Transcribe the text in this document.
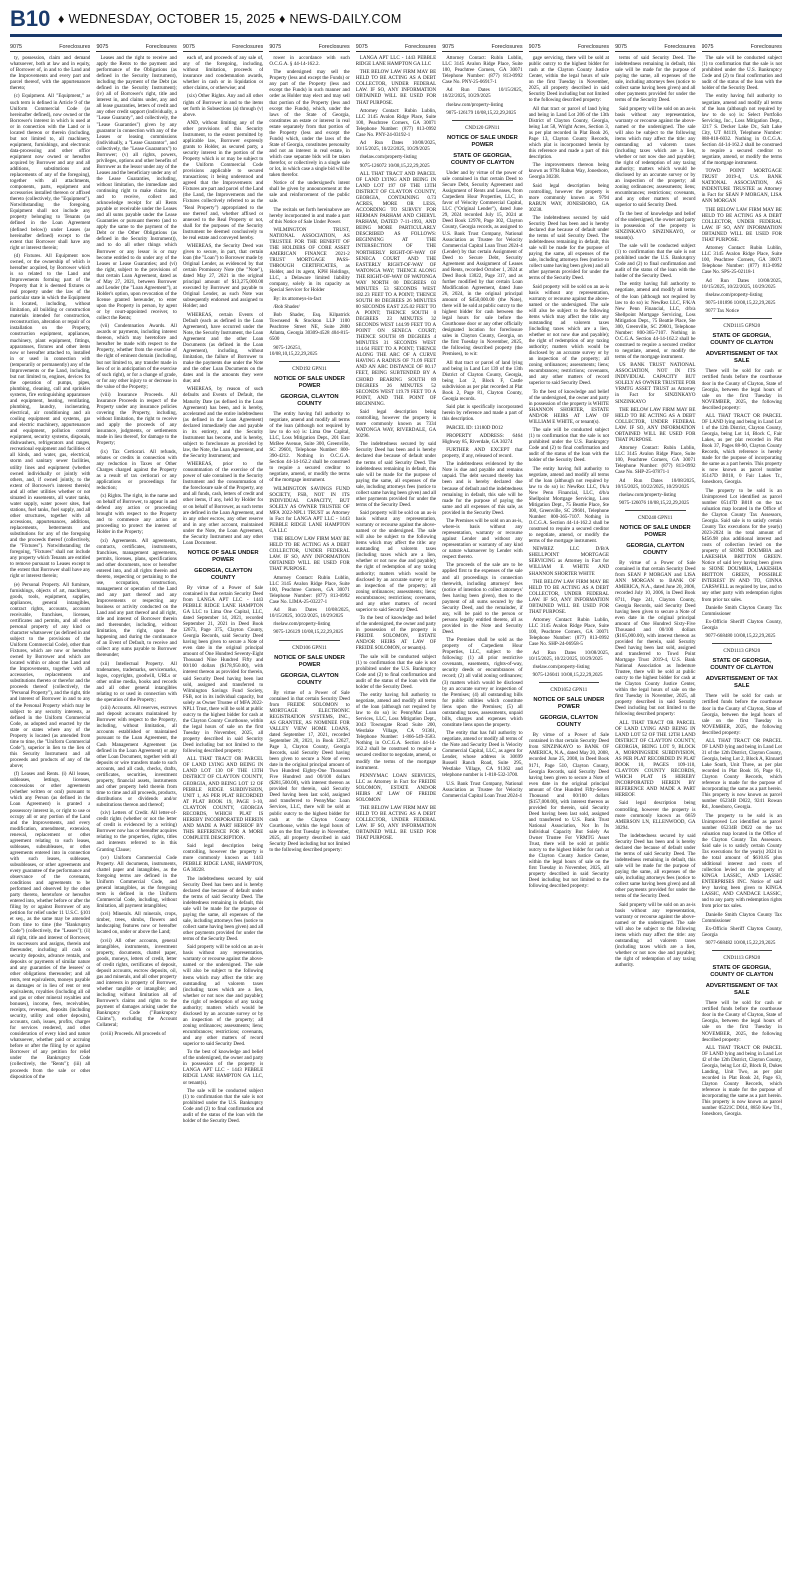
B10 ♦ WEDNESDAY, OCTOBER 15, 2025 ♦ NEWS-DAILY.COM
9075	Foreclosures

ty, possession, claim and demand whatsoever, both at law and in equity, of Borrower of, in and to the Land and the Improvements and every part and parcel thereof, with the appurtenances thereto;

(c) Equipment. All "Equipment," as such term is defined in Article 9 of the Uniform Commercial Code (as hereinafter defined), now owned or the Borrower's interest in which is used at or in connection with the Land or is located thereon or therein (including, but not limited to, all machinery, equipment, furnishings, and electronic data-processing and other office equipment now owned or hereafter acquired by Borrower and any and all additions, substitutions and replacements of any of the foregoing), together with all attachments, components, parts, equipment and accessories installed thereon or affixed thereto (collectively, the "Equipment"). Notwithstanding the foregoing, Equipment shall not include any property belonging to Tenants (as defined in the Loan Agreement (defined below)) under Leases (as hereinafter defined) except to the extent that Borrower shall have any right or interest therein;

(d) Fixtures. All Equipment now owned, or the ownership of which is hereafter acquired, by Borrower which is so related to the Land and Improvements forming part of the Property that it is deemed fixtures or real property under the law of the particular state in which the Equipment is located, including, without limitation, all building or construction materials intended for construction, reconstruction, alteration or repair of or installation on the Property, construction equipment, appliances, machinery, plant equipment, fittings, apparatuses, fixtures and other items now or hereafter attached to, installed in or used in connection with (temporarily or permanently) any of the Improvements or the Land, including, but not limited to, engines, devices for the operation of pumps, pipes, plumbing, cleaning, call and sprinkler systems, fire extinguishing apparatuses and equipment, heating, ventilating, plumbing, laundry, incinerating, electrical, air conditioning and air cooling equipment and systems, gas and electric machinery, appurtenances and equipment, pollution control equipment, security systems, disposals, dishwashers, refrigerators and ranges, recreational equipment and facilities of all kinds, and water, gas, electrical, storm and sanitary sewer facilities, utility lines and equipment (whether owned individually or jointly with others, and, if owned jointly, to the extent of Borrower's interest therein) and all other utilities whether or not situated in easements, all water tanks, water supply, water power sites, fuel stations, fuel tanks, fuel supply, and all other structures, together with all accessions, appurtenances, additions, replacements, betterments and substitutions for any of the foregoing and the proceeds thereof (collectively, the "Fixtures"). Notwithstanding the foregoing, "Fixtures" shall not include any property which Tenants are entitled to remove pursuant to Leases except to the extent that Borrower shall have any right or interest therein;

(e) Personal Property. All furniture, furnishings, objects of art, machinery, goods, tools, equipment, supplies, appliances, general intangibles, contract rights, accounts, accounts receivable, franchises, licenses, certificates and permits, and all other personal property of any kind or character whatsoever (as defined in and subject to the provisions of the Uniform Commercial Code), other than Fixtures, which are now or hereafter owned by Borrower and which are located within or about the Land and the Improvements, together with all accessories, replacements and substitutions thereto or therefor and the proceeds thereof (collectively, the "Personal Property"), and the right, title and interest of Borrower in and to any of the Personal Property which may be subject to any security interests, as defined in the Uniform Commercial Code, as adopted and enacted by the state or states where any of the Property is located (as amended from time to time, the "Uniform Commercial Code"), superior in lien to the lien of this Security Instrument and all proceeds and products of any of the above;

(f) Leases and Rents. (i) All leases, subleases, lettings, licenses, concessions or other agreements (whether written or oral) pursuant to which any Person (as defined in the Loan Agreement) is granted a possessory interest in, or right to use or occupy all or any portion of the Land and the Improvements, and every modification, amendment, extension, renewal, replacement or other agreement relating to such leases, subleases, subsubleases, or other agreements entered into in connection with such leases, subleases, subsubleases, or other agreements and every guarantee of the performance and observance of the covenants, conditions and agreements to be performed and observed by the other party thereto, heretofore or hereafter entered into, whether before or after the filing by or against Borrower of any petition for relief under 11 U.S.C. §101 et seq., as the same may be amended from time to time (the "Bankruptcy Code") (collectively, the "Leases"); (ii) all right, title and interest of Borrower, its successors and assigns, therein and thereunder, including all cash or security deposits, advance rentals, and deposits or payments of similar nature and any guaranties of the lessees' or other obligations thereunder; and all rents, rent equivalents, moneys payable as damages or in lieu of rent or rent equivalents, royalties (including all oil and gas or other mineral royalties and bonuses), income, fees, receivables, receipts, revenues, deposits (including security, utility and other deposits), accounts, cash, issues, profits, charges for services rendered, and other consideration of every kind and nature whatsoever, whether paid or accruing before or after the filing by or against Borrower of any petition for relief under the Bankruptcy Code (collectively, the "Rents"); (iii) all proceeds from the sale or other disposition of the

9075	Foreclosures

Leases and the right to receive and apply the Rents to the payment and performance of the Obligations (as defined in the Security Instrument), including the payment of the Debt (as defined in the Security Instrument); (iv) all of Borrower's right, title and interest in, and claims under, any and all lease guaranties, letters of credit and any other credit support (individually, a "Lease Guaranty", and collectively, the "Lease Guaranties") given by any guarantor in connection with any of the Leases or leasing commissions (individually, a "Lease Guarantor", and collectively, the "Lease Guarantors") to Borrower; (v) all rights, powers, privileges, options and other benefits of Borrower as the lessor under any of the Leases and the beneficiary under any of the Lease Guaranties, including, without limitation, the immediate and continuing right to make claims for, and to receive, collect and acknowledge receipt for all Rents payable or receivable under the Leases and all sums payable under the Lease Guaranties or pursuant thereto (and to apply the same to the payment of the Debt or the Other Obligations (as defined in the Security Instrument)), and to do all other things which Borrower or any lessor is or may become entitled to do under any of the Leases or Lease Guaranties; and (vi) the right, subject to the provisions of that certain Loan Agreement, dated as of May 27, 2021, between Borrower and Lender (the "Loan Agreement"), at Holder's option, upon revocation of the license granted hereunder, to enter upon the Property in person, by agent or by court-appointed receiver, to collect the Rents;

(vii) Condemnation Awards. All awards or payments, including interest thereon, which may heretofore and hereafter be made with respect to the Property, whether from the exercise of the right of eminent domain (including, but not limited to, any transfer made in lieu of or in anticipation of the exercise of such right), or for a change of grade, or for any other injury to or decrease in the value of the Property;

(viii) Insurance Proceeds. All Insurance Proceeds in respect of the Property under any insurance policies covering the Property, including, without limitation, the right to receive and apply the proceeds of any insurance, judgments, or settlements made in lieu thereof, for damage to the Property;

(ix) Tax Certiorari. All refunds, rebates or credits in connection with any reduction in Taxes or Other Charges charged against the Property as a result of tax certiorari or any applications or proceedings for reduction;

(x) Rights. The right, in the name and on behalf of Borrower, to appear in and defend any action or proceeding brought with respect to the Property and to commence any action or proceeding to protect the interest of Holder in the Property;

(xi) Agreements. All agreements, contracts, certificates, instruments, franchises, management agreements, permits, licenses, plans, specifications and other documents, now or hereafter entered into, and all rights therein and thereto, respecting or pertaining to the use, occupation, construction, management or operation of the Land and any part thereof and any Improvements or respecting any business or activity conducted on the Land and any part thereof and all right, title and interest of Borrower therein and thereunder, including, without limitation, the right, upon the happening and during the continuance of an Event of Default, to receive and collect any sums payable to Borrower thereunder;

(xii) Intellectual Property. All tradenames, trademarks, servicemarks, logos, copyrights, goodwill, URLs or other online media, books and records and all other general intangibles relating to or used in connection with the operation of the Property;

(xiii) Accounts. All reserves, escrows and deposit accounts maintained by Borrower with respect to the Property, including, without limitation, all accounts established or maintained pursuant to the Loan Agreement, the Cash Management Agreement (as defined in the Loan Agreement) or any other Loan Document, together with all deposits or wire transfers made to such accounts, and all cash, checks, drafts, certificates, securities, investment property, financial assets, instruments and other property held therein from time to time and all proceeds, products, distributions or dividends and/or substitutions thereon and thereof;

(xiv) Letters of Credit. All letter-of-credit rights (whether or not the letter of credit is evidenced by a writing) Borrower now has or hereafter acquires relating to the properties, rights, titles and interests referred to in this Granting Clause;

(xv) Uniform Commercial Code Property. All documents, instruments, chattel paper and intangibles, as the foregoing terms are defined in the Uniform Commercial Code, and general intangibles, as the foregoing term is defined in the Uniform Commercial Code, including, without limitation, all payment intangibles;

(xvi) Minerals. All minerals, crops, timber, trees, shrubs, flowers and landscaping features now or hereafter located on, under or above the Land;

(xvii) All other accounts, general intangibles, instruments, investment property, documents, chattel paper, goods, moneys, letters of credit, letter of credit rights, certificates of deposit, deposit accounts, escrow deposits, oil, gas and minerals, and all other property and interests in property of Borrower, whether tangible or intangible; and including without limitation all of Borrower's claims and rights to the payment of damages arising under the Bankruptcy Code ("Bankruptcy Claims"), excluding the Account Collateral;

(xviii) Proceeds. All proceeds of

9075	Foreclosures

each of, and proceeds of any sale of, any of the foregoing, including, without limitation, proceeds of insurance and condemnation awards, whether in cash or in liquidation or other claims, or otherwise; and

(xix) Other Rights. Any and all other rights of Borrower in and to the items set forth in Subsections (a) through (v) above.

AND, without limiting any of the other provisions of this Security Instrument, to the extent permitted by applicable law, Borrower expressly grants to Holder, as secured party, a security interest in the portion of the Property which is or may be subject to the Uniform Commercial Code provisions applicable to secured transactions; it being understood and agreed that the Improvements and Fixtures are part and parcel of the Land (the Land, the Improvements and the Fixtures collectively referred to as the "Real Property") appropriated to the use thereof and, whether affixed or annexed to the Real Property or not, shall for the purposes of the Security Instrument be deemed conclusively to be real estate and conveyed hereby.

WHEREAS, the Security Deed was given to secure, in part, that certain loan (the "Loan") to Borrower made by Original Lender, as evidenced by that certain Promissory Note (the "Note"), dated May 27, 2021 in the original principal amount of $13,275,000.00 executed by Borrower and payable to Original Lender, as such Note was subsequently endorsed and assigned to Holder; and

WHEREAS, certain Events of Default (each as defined in the Loan Agreement), have occurred under the Note, the Security Instrument, the Loan Agreement and the other Loan Documents (as defined in the Loan Agreement), including, without limitation, the failure of Borrower to make the payments due under the Note and the other Loan Documents on the dates and in the amounts they were due; and

WHEREAS, by reason of such defaults and Events of Default, the Maturity Date (as defined in the Loan Agreement) has been, and is hereby, accelerated and the entire indebtedness (as defined in the Loan Agreement) declared immediately due and payable in its entirety, and the Security Instrument has become, and is hereby, subject to foreclosure as provided by law, the Note, the Loan Agreement, and the Security Instrument; and

WHEREAS, prior to the consummation of the exercise of the power of sale contained in the Security Instrument and the consummation of the foreclosure sale of the Property, any and all funds, cash, letters of credit and other items, if any, held by Holder for or on behalf of Borrower, as such terms are defined in the Loan Agreement, and in any other escrow, any other reserve and in any other account, maintained under the Note, the Loan Agreement, the Security Instrument and any other Loan Document.

NOTICE OF SALE UNDER POWER
GEORGIA, CLAYTON COUNTY

By virtue of a Power of Sale contained in that certain Security Deed from LANGA APT LLC - 1443 PEBBLE RIDGE LANE HAMPTON GA LLC to Lima One Capital, LLC, dated September 14, 2021, recorded September 21, 2021 in Deed Book 12673, Page 375, Clayton County, Georgia Records, said Security Deed having been given to secure a Note of even date in the original principal amount of One Hundred Seventy-Eight Thousand Nine Hundred Fifty and 00/100 dollars ($178,950.00), with interest thereon as provided for therein, said Security Deed having been last sold, assigned and transferred to Wilmington Savings Fund Society, FSB, not in its individual capacity, but solely as Owner Trustee of MFA 2022-NPL1 Trust, there will be sold at public outcry to the highest bidder for cash at the Clayton County Courthouse, within the legal hours of sale on the first Tuesday in November, 2025, all property described in said Security Deed including but not limited to the following described property:

ALL THAT TRACT OR PARCEL OF LAND LYING AND BEING IN LAND LOT 130 OF THE 13TH DISTRICT OF CLAYTON COUNTY, GEORGIA, AND BEING LOT 12 OF PEBBLE RIDGE SUBDIVISION, UNIT 1, AS PER PLAT RECORDED AT PLAT BOOK 19, PAGE 1-10, CLAYTON COUNTY, GEORGIA RECORDS, WHICH PLAT IS HEREBY INCORPORATED HEREIN AND MADE A PART HEREOF BY THIS REFERENCE FOR A MORE COMPLETE DESCRIPTION.

Said legal description being controlling, however the property is more commonly known as 1443 PEBBLE RIDGE LANE, HAMPTON, GA 30228.

The indebtedness secured by said Security Deed has been and is hereby declared due because of default under the terms of said Security Deed. The indebtedness remaining in default, this sale will be made for the purpose of paying the same, all expenses of the sale, including attorneys fees (notice to collect same having been given) and all other payments provided for under the terms of the Security Deed.

Said property will be sold on an as-is basis without any representation, warranty or recourse against the above-named or the undersigned. The sale will also be subject to the following items which may affect the title: any outstanding ad valorem taxes (including taxes which are a lien, whether or not now due and payable); the right of redemption of any taxing authority; matters which would be disclosed by an accurate survey or by an inspection of the property; all zoning ordinances; assessments; liens; encumbrances; restrictions; covenants, and any other matters of record superior to said Security Deed.

To the best of knowledge and belief of the undersigned, the owner and party in possession of the property is LANGA APT LLC - 1443 PEBBLE RIDGE LANE HAMPTON GA LLC, or tenant(s).

The sale will be conducted subject (1) to confirmation that the sale is not prohibited under the U.S. Bankruptcy Code and (2) to final confirmation and audit of the status of the loan with the holder of the Security Deed.

9075	Foreclosures

rower in accordance with such O.C.G.A. § 44-14-162.2.

The undersigned may sell the Property (less and except the Funds) or any part of the Property (less and except the Funds) in such manner and order as Holder may elect and may sell that portion of the Property (less and except the Funds), which, under the laws of the State of Georgia, constitutes an estate or interest in real estate separately from that portion of the Property (less and except the Funds) which, under the laws of the State of Georgia, constitutes personalty and not an interest in real estate, in which case separate bids will be taken therefor, or collectively in a single sale or lot, in which case a single bid will be taken therefor.

Notice of the undersigned's intent shall be given by announcement at the sale and reinforcement of the public sale.

The recitals set forth hereinabove are hereby incorporated in and made a part of this Notice of Sale Under Power.

WILMINGTON TRUST, NATIONAL ASSOCIATION, AS TRUSTEE FOR THE BENEFIT OF THE HOLDERS OF CORE ASSET AMERICAN FINANCE 2021-2 TRUST MORTGAGE PASS-THROUGH CERTIFICATES, as Holder, and its agent, KPH Holdings, LLC, a Delaware limited liability company, solely in its capacity as Special Servicer for Holder

By: its attorneys-in-fact

/Bob Shader/

Bob Shader, Esq. Kilpatrick Townsend & Stockton LLP 1100 Peachtree Street NE, Suite 2800 Atlanta, Georgia 30309-4528 404-815-6500

9075-126251, 10/08,10,15,22,29,2025

CND192 GPN11
NOTICE OF SALE UNDER POWER
GEORGIA, CLAYTON COUNTY

The entity having full authority to negotiate, amend and modify all terms of the loan (although not required by law to do so) is: Lima One Capital, LLC, Loss Mitigation Dept., 201 East McBee Avenue, Suite 300, Greenville, SC 29601, Telephone Number: 800-390-4212. Nothing in O.C.G.A. Section 44-14-162.2 shall be construed to require a secured creditor to negotiate, amend, or modify the terms of the mortgage instrument.

WILMINGTON SAVINGS FUND SOCIETY, FSB, NOT IN ITS INDIVIDUAL CAPACITY, BUT SOLELY AS OWNER TRUSTEE OF MFA 2022-NPL1 TRUST as Attorney in Fact for LANGA APT LLC - 1443 PEBBLE RIDGE LANE HAMPTON GA LLC

THE BELOW LAW FIRM MAY BE HELD TO BE ACTING AS A DEBT COLLECTOR, UNDER FEDERAL LAW. IF SO, ANY INFORMATION OBTAINED WILL BE USED FOR THAT PURPOSE.

Attorney Contact: Rubin Lublin, LLC 3145 Avalon Ridge Place, Suite 100, Peachtree Corners, GA 30071 Telephone Number: (877) 813-0992 Case No. LIMA-25-03227-1

Ad Run Dates 10/08/2025, 10/15/2025, 10/22/2025, 10/29/2025

rlselaw.com/property-listing

9075-126129 10/08,15,22,29,2025

CND106 GPN11
NOTICE OF SALE UNDER POWER
GEORGIA, CLAYTON COUNTY

By virtue of a Power of Sale contained in that certain Security Deed from FREIDE SOLOMON to MORTGAGE ELECTRONIC REGISTRATION SYSTEMS, INC., AS GRANTEE, AS NOMINEE FOR VALLEY VIEW HOME LOANS, dated September 17, 2021, recorded September 28, 2021, in Book 12627, Page 3, Clayton County, Georgia Records, said Security Deed having been given to secure a Note of even date in the original principal amount of Two Hundred Eighty-One Thousand Five Hundred and 00/100 dollars ($281,500.00), with interest thereon as provided for therein, said Security Deed having been last sold, assigned and transferred to PennyMac Loan Services, LLC, there will be sold at public outcry to the highest bidder for cash at the Clayton County Courthouse, within the legal hours of sale on the first Tuesday in November, 2025, all property described in said Security Deed including but not limited to the following described property:

9075	Foreclosures

LANGA APT LLC - 1443 PEBBLE RIDGE LANE HAMPTON GA LLC

THE BELOW LAW FIRM MAY BE HELD TO BE ACTING AS A DEBT COLLECTOR, UNDER FEDERAL LAW. IF SO, ANY INFORMATION OBTAINED WILL BE USED FOR THAT PURPOSE.

Attorney Contact: Rubin Lublin, LLC 3145 Avalon Ridge Place, Suite 100, Peachtree Corners, GA 30071 Telephone Number: (877) 813-0992 Case No. PNY-24-03192-1

Ad Run Dates 10/08/2025, 10/15/2025, 10/22/2025, 10/29/2025

rlselaw.com/property-listing

9075-126072 10/08,15,22,29,2025

ALL THAT TRACT AND PARCEL OF LAND LYING AND BEING IN LAND LOT 197 OF THE 13TH DISTRICT OF CLAYTON COUNTY, GEORGIA, CONTAINING 0.73 ACRES, MORE OR LESS, ACCORDING TO SURVEY FOR HERMAN PARHAM AND CHERYL PARHAM, DATED 7-11-1993, AND BEING MORE PARTICULARLY DESCRIBED AS FOLLOWS: BEGINNING AT THE INTERSECTION OF THE NORTHERLY RIGHT-OF-WAY OF SENECA COURT AND THE EASTERLY RIGHT-OF-WAY OF WATONGA WAY; THENCE ALONG THE RIGHT-OF-WAY OF WATONGA WAY NORTH 00 DEGREES 03 MINUTES 53 SECONDS WEST 182.23 FEET TO A POINT; THENCE SOUTH 88 DEGREES 26 MINUTES 00 SECONDS EAST 225.02 FEET TO A POINT; THENCE SOUTH 0 DEGREES 23 MINUTES 32 SECONDS WEST 144.99 FEET TO A POINT ON SENECA COURT; THENCE SOUTH 89 DEGREES 4 MINUTES 31 SECONDS WEST 114.64 FEET TO A POINT; THENCE ALONG THE ARC OF A CURVE HAVING A RADIUS OF 71.09 FEET AND AN ARC DISTANCE OF 80.17 FEET, BEING SUBTENDED BY A CHORD BEARING SOUTH 89 DEGREES 26 MINUTES 52 SECONDS WEST 119.79 FEET TO A POINT, AND THE POINT OF BEGINNING.

Said legal description being controlling, however the property is more commonly known as 7334 WATONGA WAY, RIVERDALE, GA 30296.

The indebtedness secured by said Security Deed has been and is hereby declared due because of default under the terms of said Security Deed. The indebtedness remaining in default, this sale will be made for the purpose of paying the same, all expenses of the sale, including attorneys fees (notice to collect same having been given) and all other payments provided for under the terms of the Security Deed.

Said property will be sold on an as-is basis without any representation, warranty or recourse against the above-named or the undersigned. The sale will also be subject to the following items which may affect the title: any outstanding ad valorem taxes (including taxes which are a lien, whether or not now due and payable); the right of redemption of any taxing authority; matters which would be disclosed by an accurate survey or by an inspection of the property; all zoning ordinances; assessments; liens; encumbrances; restrictions; covenants, and any other matters of record superior to said Security Deed.

To the best of knowledge and belief of the undersigned, the owner and party in possession of the property is FREIDE SOLOMON, ESTATE AND/OR HEIRS AT LAW OF FREIDE SOLOMON, or tenant(s).

The sale will be conducted subject (1) to confirmation that the sale is not prohibited under the U.S. Bankruptcy Code and (2) to final confirmation and audit of the status of the loan with the holder of the Security Deed.

The entity having full authority to negotiate, amend and modify all terms of the loan (although not required by law to do so) is: PennyMac Loan Services, LLC, Loss Mitigation Dept., 3043 Townsgate Road Suite 200, Westlake Village, CA 91361, Telephone Number: 1-866-549-3583. Nothing in O.C.G.A. Section 44-14-162.2 shall be construed to require a secured creditor to negotiate, amend, or modify the terms of the mortgage instrument.

PENNYMAC LOAN SERVICES, LLC as Attorney in Fact for FREIDE SOLOMON, ESTATE AND/OR HEIRS AT LAW OF FREIDE SOLOMON

THE BELOW LAW FIRM MAY BE HELD TO BE ACTING AS A DEBT COLLECTOR, UNDER FEDERAL LAW. IF SO, ANY INFORMATION OBTAINED WILL BE USED FOR THAT PURPOSE.

9075	Foreclosures

Attorney Contact: Rubin Lublin, LLC 3145 Avalon Ridge Place, Suite 100, Peachtree Corners, GA 30071 Telephone Number: (877) 813-0992 Case No. PNY-25-06917-1

Ad Run Dates 10/15/2025, 10/22/2025, 10/29/2025

rlselaw.com/property-listing

9075-126179 10/08,15,22,29,2025

CND120 GPN11
NOTICE OF SALE UNDER POWER
STATE OF GEORGIA, COUNTY OF CLAYTON

Under and by virtue of the power of sale contained in that certain Deed to Secure Debt, Security Agreement and Assignment of Rents and Leases, from Carpediem Hour Properties, LLC, in favor of Velocity Commercial Capital, LLC ("Original Lender"), dated June 29, 2024 recorded July 15, 2024 at Deed Book 12978, Page 302, Clayton County, Georgia records, as assigned to U.S. Bank Trust Company, National Association as Trustee for Velocity Commercial Capital Loan Trust 2024-4 (Lender) by that certain Assignment of Deed to Secure Debt, Security Agreement and Assignment of Leases and Rents, recorded October 1, 2024 at Deed Book 13022, Page 317, and as further modified by that certain Loan Modification Agreement, dated June 26, 2024, in the original principal amount of $450,000.00 (the Note), there will be sold at public outcry to the highest bidder for cash between the legal hours for sale before the Courthouse door or any other officially designated location for foreclosure sales in Clayton County, Georgia, on the first Tuesday in November, 2025, the following described property (the Premises), to wit:

All that tract or parcel of land lying and being in Land Lot 139 of the 13th District of Clayton County, Georgia, being Lot 2, Block F, Castle subdivision as per plat recorded at Plat Book 2, Page 81, Clayton County, Georgia records.

Said plat is specifically incorporated herein by reference and made a part of this description.

PARCEL ID: 13180D D012

PROPERTY ADDRESS: 6464 Highway 85, Riverdale, GA 30274

FURTHER AND EXCEPT that property, if any, released of record.

The indebtedness evidenced by the Note is due and payable and remains unpaid. The debt secured thereby has been and is hereby declared due because of default and the indebtedness remaining in default, this sale will be made for the purpose of paying the same and all expenses of this sale, as provided in the Security Deed.

The Premises will be sold on an as-is, where-is basis without any representation, warranty or recourse against Lender and without any representation or warranty of any kind or nature whatsoever by Lender with respect thereto.

The proceeds of the sale are to be applied first to the expenses of the sale and all proceedings in connection therewith, including attorneys' fees (notice of intention to collect attorneys' fees having been given), then to the payment of all sums secured by the Security Deed, and the remainder, if any, will be paid to the person or persons legally entitled thereto, all as provided in the Note and Security Deed.

The Premises shall be sold as the property of Carpediem Hour Properties, LLC, subject to the following: (1) all prior restrictive covenants, easements, rights-of-way, security deeds or encumbrances of record; (2) all valid zoning ordinances; (3) matters which would be disclosed by an accurate survey or inspection of the Premises; (4) all outstanding bills for public utilities which constitute liens upon the Premises; (5) all outstanding taxes, assessments, unpaid bills, charges and expenses which constitute liens upon the property.

The entity that has full authority to negotiate, amend or modify all terms of the Note and Security Deed is Velocity Commercial Capital, LLC, as agent for Lender, whose address is 30699 Russell Ranch Road, Suite 295, Westlake Village, CA 91362 and telephone number is 1-818-532-3700.

U.S. Bank Trust Company, National Association as Trustee for Velocity Commercial Capital Loan Trust 2024-4

9075	Foreclosures

gage servicing, there will be sold at public outcry to the highest bidder for cash at the Clayton County Justice Center, within the legal hours of sale on the first Tuesday in November, 2025, all property described in said Security Deed including but not limited to the following described property:

All that tract or parcel of land lying and being in Land Lot 206 of the 13th District of Clayton County, Georgia, being Lot 58, Wright Acres, Section 3, as per plat recorded in Plat Book 26, Page 13, Clayton County Records, which plat is incorporated herein by this reference and made a part of this description.

The improvements thereon being known as 9794 Rabun Way, Jonesboro, Georgia 30238.

Said legal description being controlling, however the property is more commonly known as 9794 RABUN WAY, JONESBORO, GA 30238.

The indebtedness secured by said Security Deed has been and is hereby declared due because of default under the terms of said Security Deed. The indebtedness remaining in default, this sale will be made for the purpose of paying the same, all expenses of the sale, including attorneys fees (notice to collect same having been given) and all other payments provided for under the terms of the Security Deed.

Said property will be sold on an as-is basis without any representation, warranty or recourse against the above-named or the undersigned. The sale will also be subject to the following items which may affect the title: any outstanding ad valorem taxes (including taxes which are a lien, whether or not now due and payable); the right of redemption of any taxing authority; matters which would be disclosed by an accurate survey or by an inspection of the property; all zoning ordinances; assessments; liens; encumbrances; restrictions; covenants, and any other matters of record superior to said Security Deed.

To the best of knowledge and belief of the undersigned, the owner and party in possession of the property is WHITE SHANNON SHORTER, ESTATE AND/OR HEIRS AT LAW OF WILLIAM E WHITE, or tenant(s).

The sale will be conducted subject (1) to confirmation that the sale is not prohibited under the U.S. Bankruptcy Code and (2) to final confirmation and audit of the status of the loan with the holder of the Security Deed.

The entity having full authority to negotiate, amend and modify all terms of the loan (although not required by law to do so) is: NewRez LLC, f/k/a New Penn Financial, LLC, d/b/a Shellpoint Mortgage Servicing, Loss Mitigation Dept., 75 Beattie Place, Ste 300, Greenville, SC 29601, Telephone Number: 800-365-7107. Nothing in O.C.G.A. Section 44-14-162.2 shall be construed to require a secured creditor to negotiate, amend, or modify the terms of the mortgage instrument.

NEWREZ LLC D/B/A SHELLPOINT MORTGAGE SERVICING as Attorney in Fact for WILLIAM E WHITE AND SHANNON SHORTER WHITE

THE BELOW LAW FIRM MAY BE HELD TO BE ACTING AS A DEBT COLLECTOR, UNDER FEDERAL LAW. IF SO, ANY INFORMATION OBTAINED WILL BE USED FOR THAT PURPOSE.

Attorney Contact: Rubin Lublin, LLC 3145 Avalon Ridge Place, Suite 100, Peachtree Corners, GA 30071 Telephone Number: (877) 813-0992 Case No. SHP-24-06958-5

Ad Run Dates 10/08/2025, 10/15/2025, 10/22/2025, 10/29/2025

rlselaw.com/property-listing

9075-126041 10/08,15,22,29,2025

CND1052 GPN11
NOTICE OF SALE UNDER POWER
GEORGIA, CLAYTON COUNTY

By virtue of a Power of Sale contained in that certain Security Deed from SINZINKAYO to BANK OF AMERICA, N.A., dated May 20, 2008, recorded June 25, 2008, in Deed Book 9171, Page 510, Clayton County, Georgia Records, said Security Deed having been given to secure a Note of even date in the original principal amount of One Hundred Fifty-Seven Thousand and 00/100 dollars ($157,000.00), with interest thereon as provided for therein, said Security Deed having been last sold, assigned and transferred to U.S. Bank Trust National Association, Not In Its Individual Capacity But Solely As Owner Trustee For VRMTG Asset Trust, there will be sold at public outcry to the highest bidder for cash at the Clayton County Justice Center, within the legal hours of sale on the first Tuesday in November, 2025, all property described in said Security Deed including but not limited to the following described property:

9075	Foreclosures

terms of said Security Deed. The indebtedness remaining in default, this sale will be made for the purpose of paying the same, all expenses of the sale, including attorneys fees (notice to collect same having been given) and all other payments provided for under the terms of the Security Deed.

Said property will be sold on an as-is basis without any representation, warranty or recourse against the above-named or the undersigned. The sale will also be subject to the following items which may affect the title: any outstanding ad valorem taxes (including taxes which are a lien, whether or not now due and payable); the right of redemption of any taxing authority; matters which would be disclosed by an accurate survey or by an inspection of the property; all zoning ordinances; assessments; liens; encumbrances; restrictions; covenants, and any other matters of record superior to said Security Deed.

To the best of knowledge and belief of the undersigned, the owner and party in possession of the property is SINZINKAYO SINZINKAYO, or tenant(s).

The sale will be conducted subject (1) to confirmation that the sale is not prohibited under the U.S. Bankruptcy Code and (2) to final confirmation and audit of the status of the loan with the holder of the Security Deed.

The entity having full authority to negotiate, amend and modify all terms of the loan (although not required by law to do so) is: NewRez LLC, F/K/A New Penn Financial, LLC, d/b/a Shellpoint Mortgage Servicing, Loss Mitigation Dept., 75 Beattie Place, Ste 300, Greenville, SC 29601, Telephone Number: 800-365-7107. Nothing in O.C.G.A. Section 44-14-162.2 shall be construed to require a secured creditor to negotiate, amend, or modify the terms of the mortgage instrument.

US BANK TRUST NATIONAL ASSOCIATION, NOT IN ITS INDIVIDUAL CAPACITY BUT SOLELY AS OWNER TRUSTEE FOR VRMTG ASSET TRUST as Attorney in Fact for SINZINKAYO SINZINKAYO

THE BELOW LAW FIRM MAY BE HELD TO BE ACTING AS A DEBT COLLECTOR, UNDER FEDERAL LAW. IF SO, ANY INFORMATION OBTAINED WILL BE USED FOR THAT PURPOSE.

Attorney Contact: Rubin Lublin, LLC 3145 Avalon Ridge Place, Suite 100, Peachtree Corners, GA 30071 Telephone Number: (877) 813-0992 Case No. SHP-25-07871-1

Ad Run Dates 10/08/2025, 10/15/2025, 10/22/2025, 10/29/2025

rlselaw.com/property-listing

9075-126076 10/08,15,22,29,2025

CND240 GPN11
NOTICE OF SALE UNDER POWER
GEORGIA, CLAYTON COUNTY

By virtue of a Power of Sale contained in that certain Security Deed from SEAN P MORGAN and LISA ANN MORGAN to BANK OF AMERICA, N.A., dated June 20, 2006, recorded July 10, 2006, in Deed Book 8711, Page 241, Clayton County, Georgia Records, said Security Deed having been given to secure a Note of even date in the original principal amount of One Hundred Sixty-Five Thousand and 00/100 dollars ($165,000.00), with interest thereon as provided for therein, said Security Deed having been last sold, assigned and transferred to Towd Point Mortgage Trust 2019-4, U.S. Bank National Association as Indenture Trustee, there will be sold at public outcry to the highest bidder for cash at the Clayton County Justice Center, within the legal hours of sale on the first Tuesday in November, 2025, all property described in said Security Deed including but not limited to the following described property:

ALL THAT TRACT OR PARCEL OF LAND LYING AND BEING IN LAND LOT 52 OF THE 12TH LAND DISTRICT OF CLAYTON COUNTY, GEORGIA, BEING LOT 9, BLOCK A, MORNINGSIDE SUBDIVISION, AS PER PLAT RECORDED IN PLAT BOOK 10, PAGES 109-110, CLAYTON COUNTY RECORDS, WHICH PLAT IS HEREBY INCORPORATED HEREIN BY REFERENCE AND MADE A PART HEREOF.

Said legal description being controlling, however the property is more commonly known as 6659 AMERSON LN, ELLENWOOD, GA 30294.

The indebtedness secured by said Security Deed has been and is hereby declared due because of default under the terms of said Security Deed. The indebtedness remaining in default, this sale will be made for the purpose of paying the same, all expenses of the sale, including attorneys fees (notice to collect same having been given) and all other payments provided for under the terms of the Security Deed.

Said property will be sold on an as-is basis without any representation, warranty or recourse against the above-named or the undersigned. The sale will also be subject to the following items which may affect the title: any outstanding ad valorem taxes (including taxes which are a lien, whether or not now due and payable); the right of redemption of any taxing authority.

9075	Foreclosures

The sale will be conducted subject (1) to confirmation that the sale is not prohibited under the U.S. Bankruptcy Code and (2) to final confirmation and audit of the status of the loan with the holder of the Security Deed.

The entity having full authority to negotiate, amend and modify all terms of the loan (although not required by law to do so) is: Select Portfolio Servicing, Inc., Loss Mitigation Dept., 3217 S. Decker Lake Dr., Salt Lake City, UT 84119, Telephone Number: 888-818-6032. Nothing in O.C.G.A. Section 44-14-162.2 shall be construed to require a secured creditor to negotiate, amend, or modify the terms of the mortgage instrument.

TOWD POINT MORTGAGE TRUST 2019-4, U.S. BANK NATIONAL ASSOCIATION, AS INDENTURE TRUSTEE as Attorney in Fact for SEAN P MORGAN, LISA ANN MORGAN

THE BELOW LAW FIRM MAY BE HELD TO BE ACTING AS A DEBT COLLECTOR, UNDER FEDERAL LAW. IF SO, ANY INFORMATION OBTAINED WILL BE USED FOR THAT PURPOSE.

Attorney Contact: Rubin Lublin, LLC 3145 Avalon Ridge Place, Suite 100, Peachtree Corners, GA 30071 Telephone Number: (877) 813-0992 Case No. SPS-25-02118-1

Ad Run Dates 10/08/2025, 10/15/2025, 10/22/2025, 10/29/2025

rlselaw.com/property-listing

9075-101896 10/08,15,22,29,2025

9077 Tax Notice

CND1115 GPN20
STATE OF GEORGIA, COUNTY OF CLAYTON
ADVERTISEMENT OF TAX SALE

There will be sold for cash or certified funds before the courthouse door in the County of Clayton, State of Georgia, between the legal hours of sale on the first Tuesday in NOVEMBER, 2025, the following described property:

ALL THAT TRACT OR PARCEL OF LAND lying and being in Land Lot 1 of the 12th District, Clayton County, Georgia, being Lot 14, Block C, Fair Lakes, as per plat recorded in Plat Book 37, Pages 88-90, Clayton County Records, which reference is hereby made for the purpose of incorporating the same as a part herein. This property is now known as parcel number 05147D B018, 0 Fair Lakes Tr., Jonesboro, Georgia.

The property to be sold is an Unimproved Lot identified as parcel number 05147D B018 on the tax valuation map located in the Office of the Clayton County Tax Assessors, Georgia. Said sale is to satisfy certain County Tax executions for the year(s) 2023-2024 in the total amount of $456.98 plus additional interest and costs of collection levied on the property of SIONE DOUMBIA and LAKESHIA BRITTON GREEN. Notice of said levy having been given to SIONE DOUMBIA, LAKESHIA BRITTON GREEN, POSSIBLE INTEREST IN AND TO, GINNA CARSWELL as required by law, and to any other party with redemption rights from prior tax sales.

Danielle Smith Clayton County Tax Commissioner

Ex-Officio Sheriff Clayton County, Georgia

9077-668480 10/08,15,22,29,2025

CND1113 GPN20
STATE OF GEORGIA, COUNTY OF CLAYTON
ADVERTISEMENT OF TAX SALE

There will be sold for cash or certified funds before the courthouse door in the County of Clayton, State of Georgia, between the legal hours of sale on the first Tuesday in NOVEMBER, 2025, the following described property:

ALL THAT TRACT OR PARCEL OF LAND lying and being in Land Lot 31 of the 12th District, Clayton County, Georgia, being Lot 2, Block A, Kinnard Lake South, Unit Three, as per plat recorded in Plat Book 16, Page 61, Clayton County Records, which reference is made for the purpose of incorporating the same as a part herein. This property is now known as parcel number 05234B D022, 9241 Rowan Rd., Jonesboro, Georgia.

The property to be sold is an Unimproved Lot identified as parcel number 05234B D022 on the tax valuation map located in the Office of the Clayton County Tax Assessors. Said sale is to satisfy certain County Tax executions for the year(s) 2024 in the total amount of $610.85 plus additional interest and costs of collection levied on the property of KINGA LASSIC, AND LASSIC ENTERPRISES INC. Notice of said levy having been given to KINGA LASSIC, AND CANDACE LASSIC, and to any party with redemption rights from prior tax sales.

Danielle Smith Clayton County Tax Commissioner

Ex-Officio Sheriff Clayton County, Georgia

9077-668482 10/08,15,22,29,2025

CND1113 GPN20
STATE OF GEORGIA, COUNTY OF CLAYTON
ADVERTISEMENT OF TAX SALE

There will be sold for cash or certified funds before the courthouse door in the County of Clayton, State of Georgia, between the legal hours of sale on the first Tuesday in NOVEMBER, 2025, the following described property:

ALL THAT TRACT OR PARCEL OF LAND lying and being in Land Lot 42 of the 12th District, Clayton County, Georgia, being Lot 42, Block B, Dukes Landing, Unit Two, as per plat recorded in Plat Book 24, Page 63, Clayton County Records, which reference is made for the purpose of incorporating the same as a part herein. This property is now known as parcel number 05221C D014, 8850 Kew Trl., Jonesboro, Georgia.
